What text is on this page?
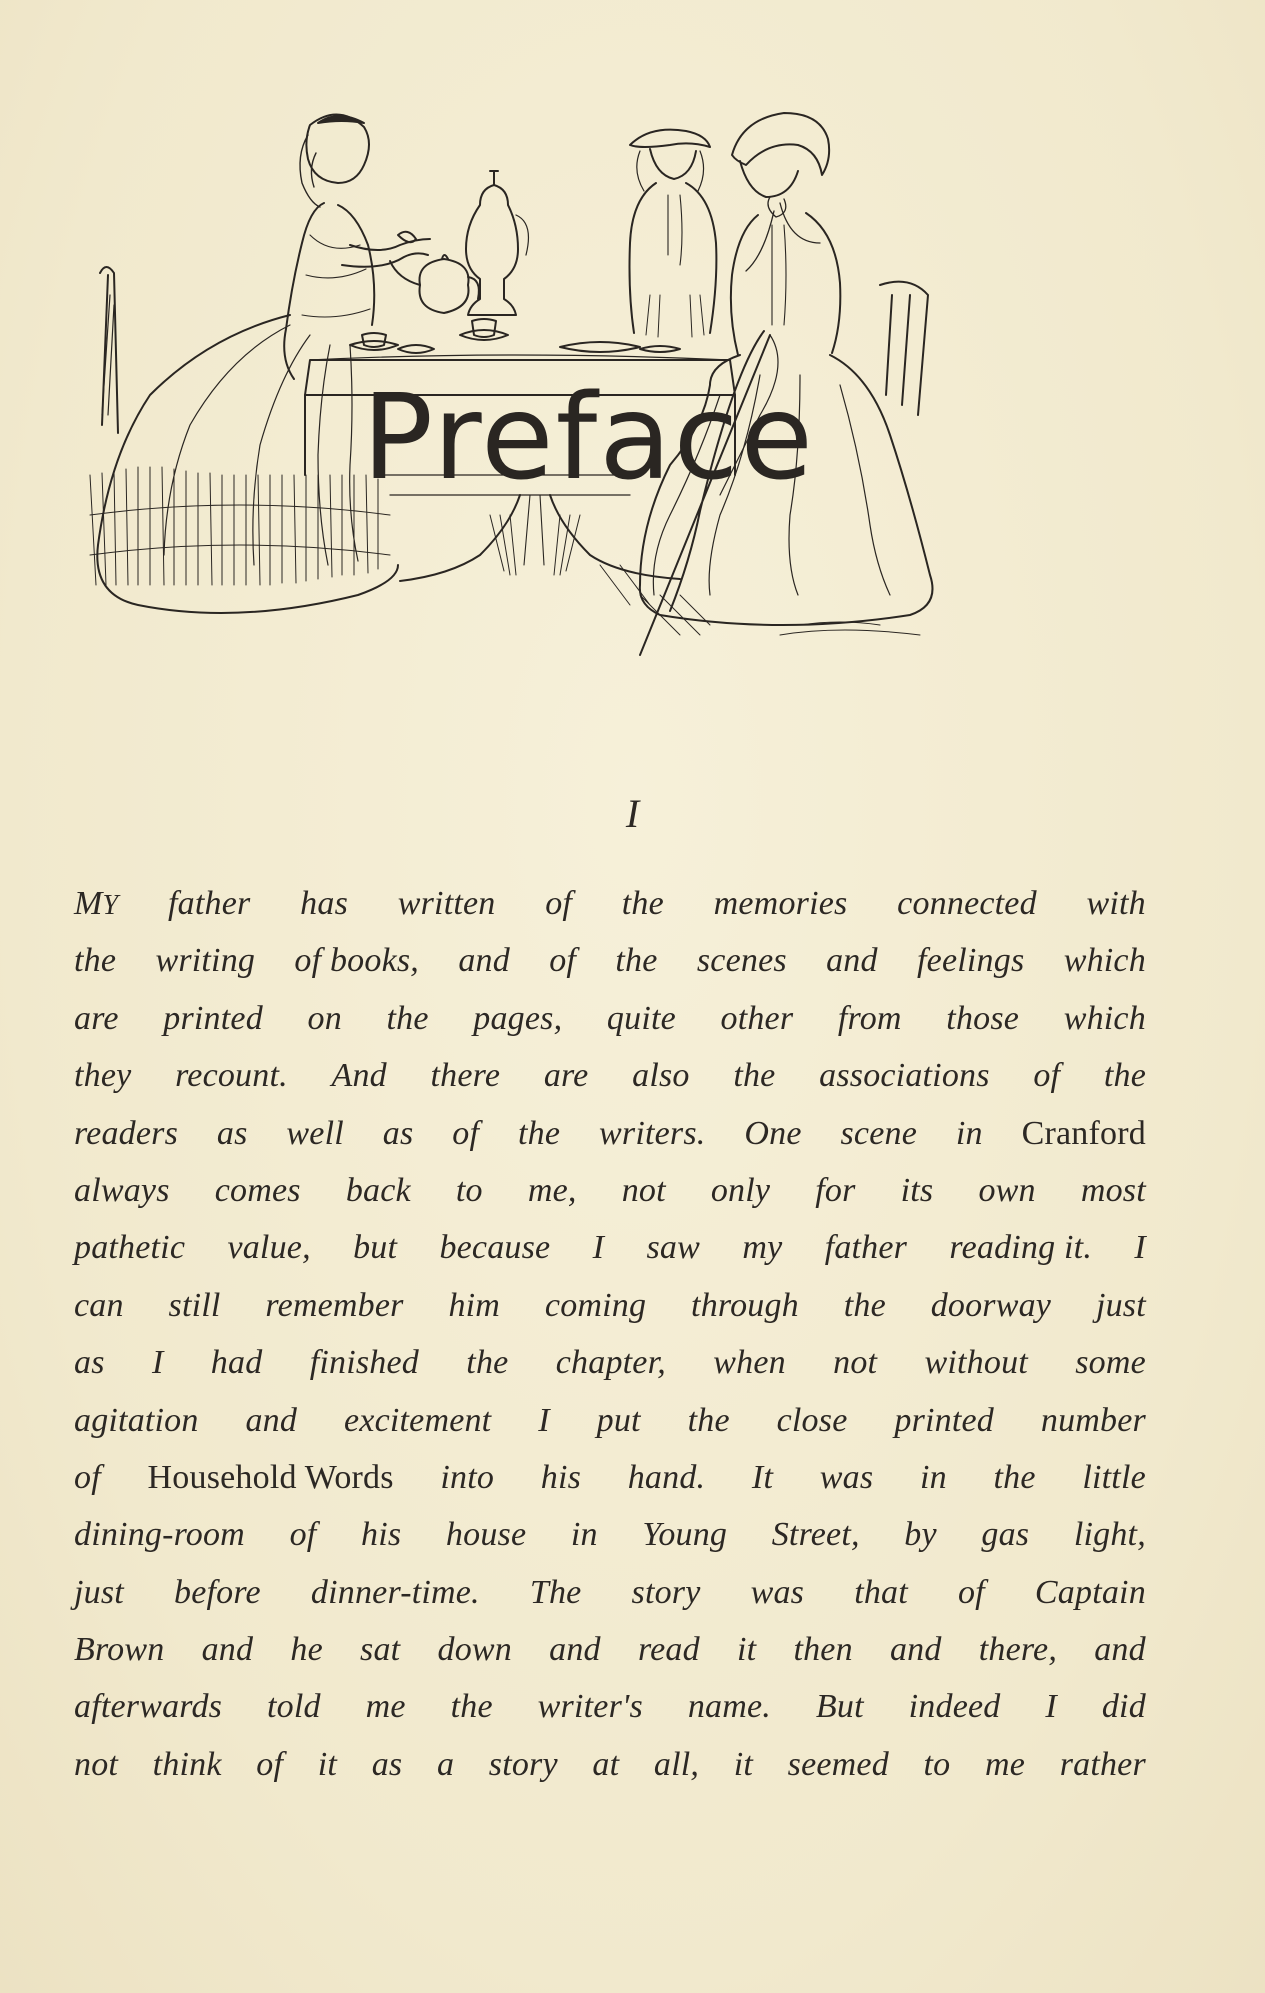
Preface
I
MY father has written of the memories connected with
the writing of books, and of the scenes and feelings which
are printed on the pages, quite other from those which
they recount. And there are also the associations of the
readers as well as of the writers. One scene in Cranford
always comes back to me, not only for its own most
pathetic value, but because I saw my father reading it. I
can still remember him coming through the doorway just
as I had finished the chapter, when not without some
agitation and excitement I put the close printed number
of Household Words into his hand. It was in the little
dining-room of his house in Young Street, by gas light,
just before dinner-time. The story was that of Captain
Brown and he sat down and read it then and there, and
afterwards told me the writer's name. But indeed I did
not think of it as a story at all, it seemed to me rather
